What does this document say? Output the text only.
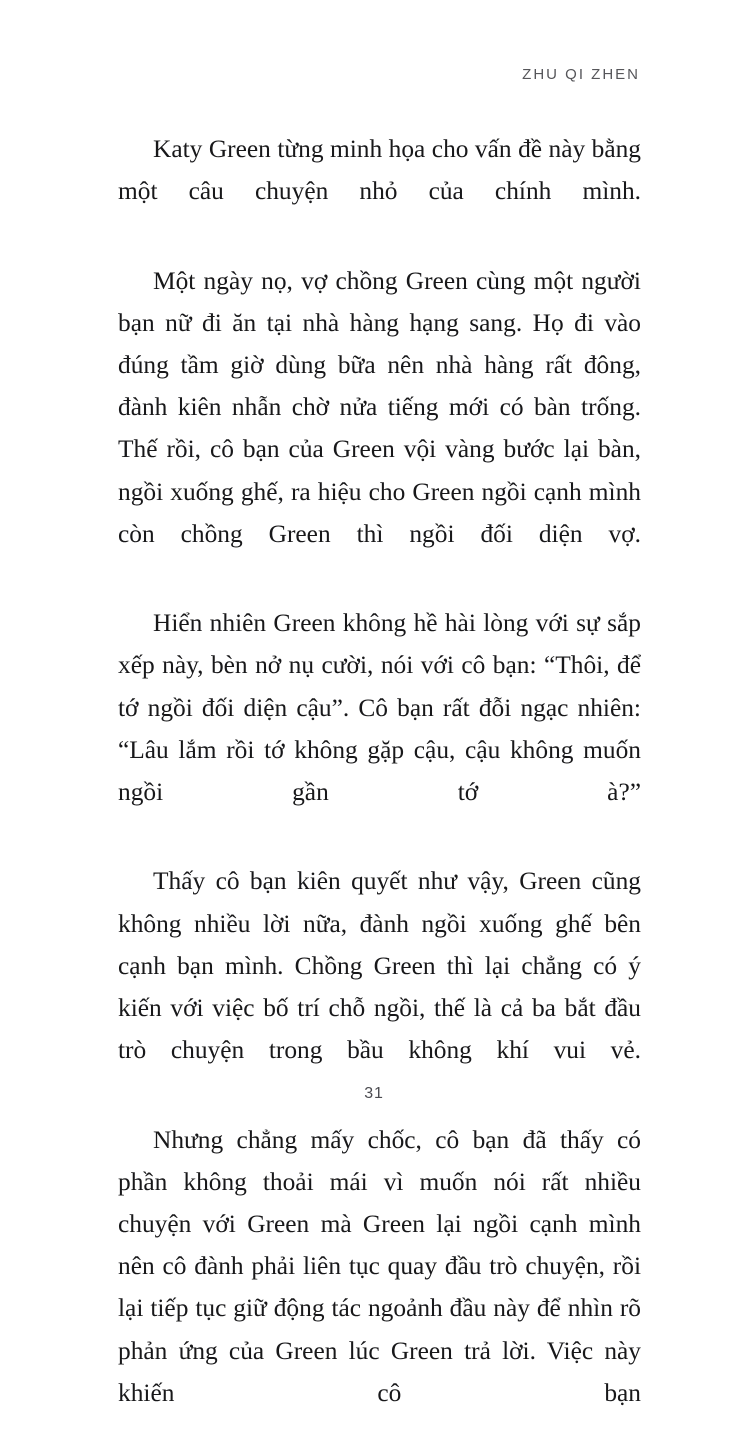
ZHU QI ZHEN

Katy Green từng minh họa cho vấn đề này bằng một câu chuyện nhỏ của chính mình.

Một ngày nọ, vợ chồng Green cùng một người bạn nữ đi ăn tại nhà hàng hạng sang. Họ đi vào đúng tầm giờ dùng bữa nên nhà hàng rất đông, đành kiên nhẫn chờ nửa tiếng mới có bàn trống. Thế rồi, cô bạn của Green vội vàng bước lại bàn, ngồi xuống ghế, ra hiệu cho Green ngồi cạnh mình còn chồng Green thì ngồi đối diện vợ.

Hiển nhiên Green không hề hài lòng với sự sắp xếp này, bèn nở nụ cười, nói với cô bạn: “Thôi, để tớ ngồi đối diện cậu”. Cô bạn rất đỗi ngạc nhiên: “Lâu lắm rồi tớ không gặp cậu, cậu không muốn ngồi gần tớ à?”

Thấy cô bạn kiên quyết như vậy, Green cũng không nhiều lời nữa, đành ngồi xuống ghế bên cạnh bạn mình. Chồng Green thì lại chẳng có ý kiến với việc bố trí chỗ ngồi, thế là cả ba bắt đầu trò chuyện trong bầu không khí vui vẻ.

Nhưng chẳng mấy chốc, cô bạn đã thấy có phần không thoải mái vì muốn nói rất nhiều chuyện với Green mà Green lại ngồi cạnh mình nên cô đành phải liên tục quay đầu trò chuyện, rồi lại tiếp tục giữ động tác ngoảnh đầu này để nhìn rõ phản ứng của Green lúc Green trả lời. Việc này khiến cô bạn

31
